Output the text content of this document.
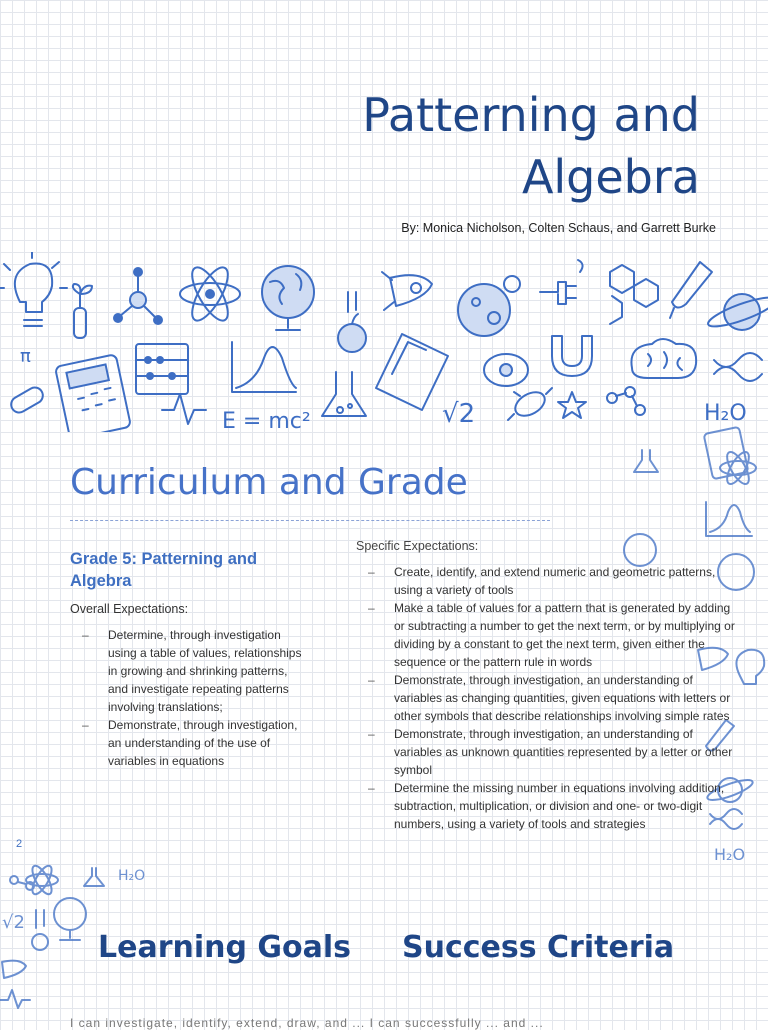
Patterning and
Algebra
By: Monica Nicholson, Colten Schaus, and Garrett Burke
π
E = mc²	√2	H₂O
H₂O
H₂O
√2
Curriculum and Grade
Grade 5: Patterning and Algebra
Overall Expectations:
– Determine, through investigation using a table of values, relationships in growing and shrinking patterns, and investigate repeating patterns involving translations;
– Demonstrate, through investigation, an understanding of the use of variables in equations
Specific Expectations:
– Create, identify, and extend numeric and geometric patterns, using a variety of tools
– Make a table of values for a pattern that is generated by adding or subtracting a number to get the next term, or by multiplying or dividing by a constant to get the next term, given either the sequence or the pattern rule in words
– Demonstrate, through investigation, an understanding of variables as changing quantities, given equations with letters or other symbols that describe relationships involving simple rates
– Demonstrate, through investigation, an understanding of variables as unknown quantities represented by a letter or other symbol
– Determine the missing number in equations involving addition, subtraction, multiplication, or division and one- or two-digit numbers, using a variety of tools and strategies
2
Learning Goals Success Criteria
I can investigate, identify, extend, draw, and ... I can successfully ... and ...
